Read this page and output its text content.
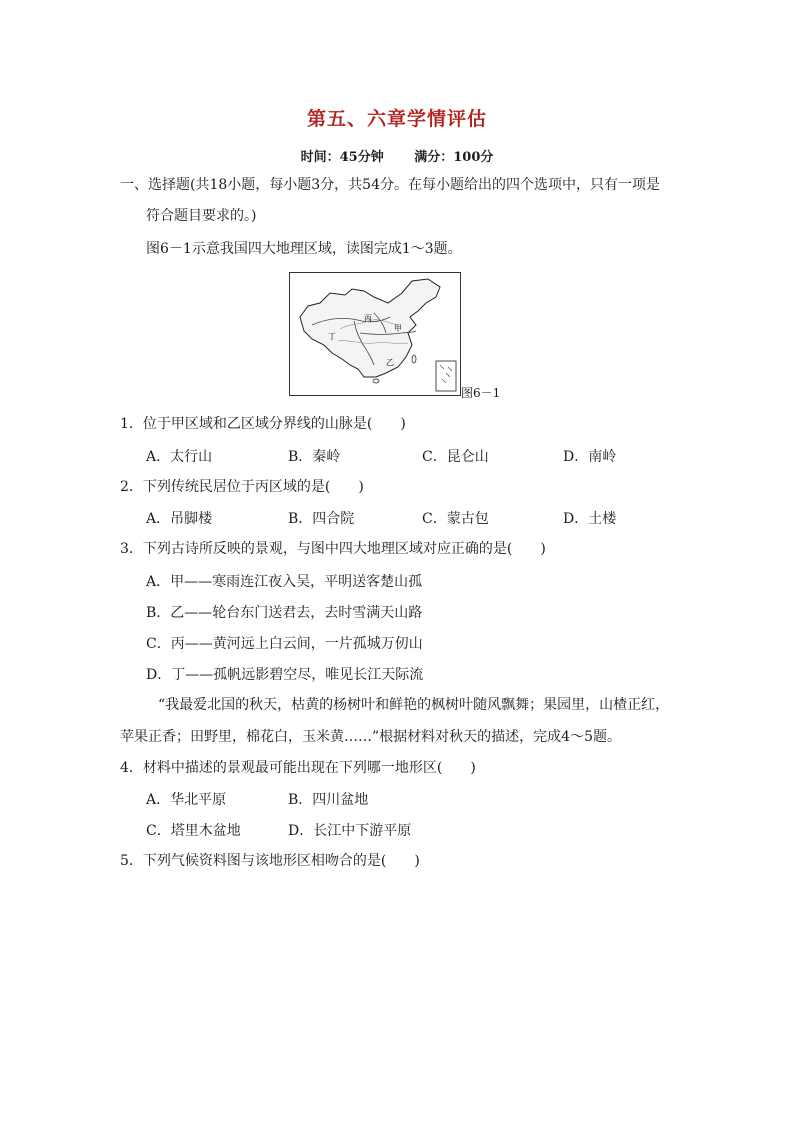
第五、六章学情评估
时间：45分钟 满分：100分
一、选择题(共18小题，每小题3分，共54分。在每小题给出的四个选项中，只有一项是
符合题目要求的。)
图6－1示意我国四大地理区域，读图完成1～3题。
甲
乙
丙
丁
图6－1
1．位于甲区域和乙区域分界线的山脉是(　　)
A．太行山	B．秦岭	C．昆仑山	D．南岭
2．下列传统民居位于丙区域的是(　　)
A．吊脚楼	B．四合院	C．蒙古包	D．土楼
3．下列古诗所反映的景观，与图中四大地理区域对应正确的是(　　)
A．甲——寒雨连江夜入吴，平明送客楚山孤
B．乙——轮台东门送君去，去时雪满天山路
C．丙——黄河远上白云间，一片孤城万仞山
D．丁——孤帆远影碧空尽，唯见长江天际流
“我最爱北国的秋天，枯黄的杨树叶和鲜艳的枫树叶随风飘舞；果园里，山楂正红，
苹果正香；田野里，棉花白，玉米黄……”根据材料对秋天的描述，完成4～5题。
4．材料中描述的景观最可能出现在下列哪一地形区(　　)
A．华北平原	B．四川盆地
C．塔里木盆地	D．长江中下游平原
5．下列气候资料图与该地形区相吻合的是(　　)
